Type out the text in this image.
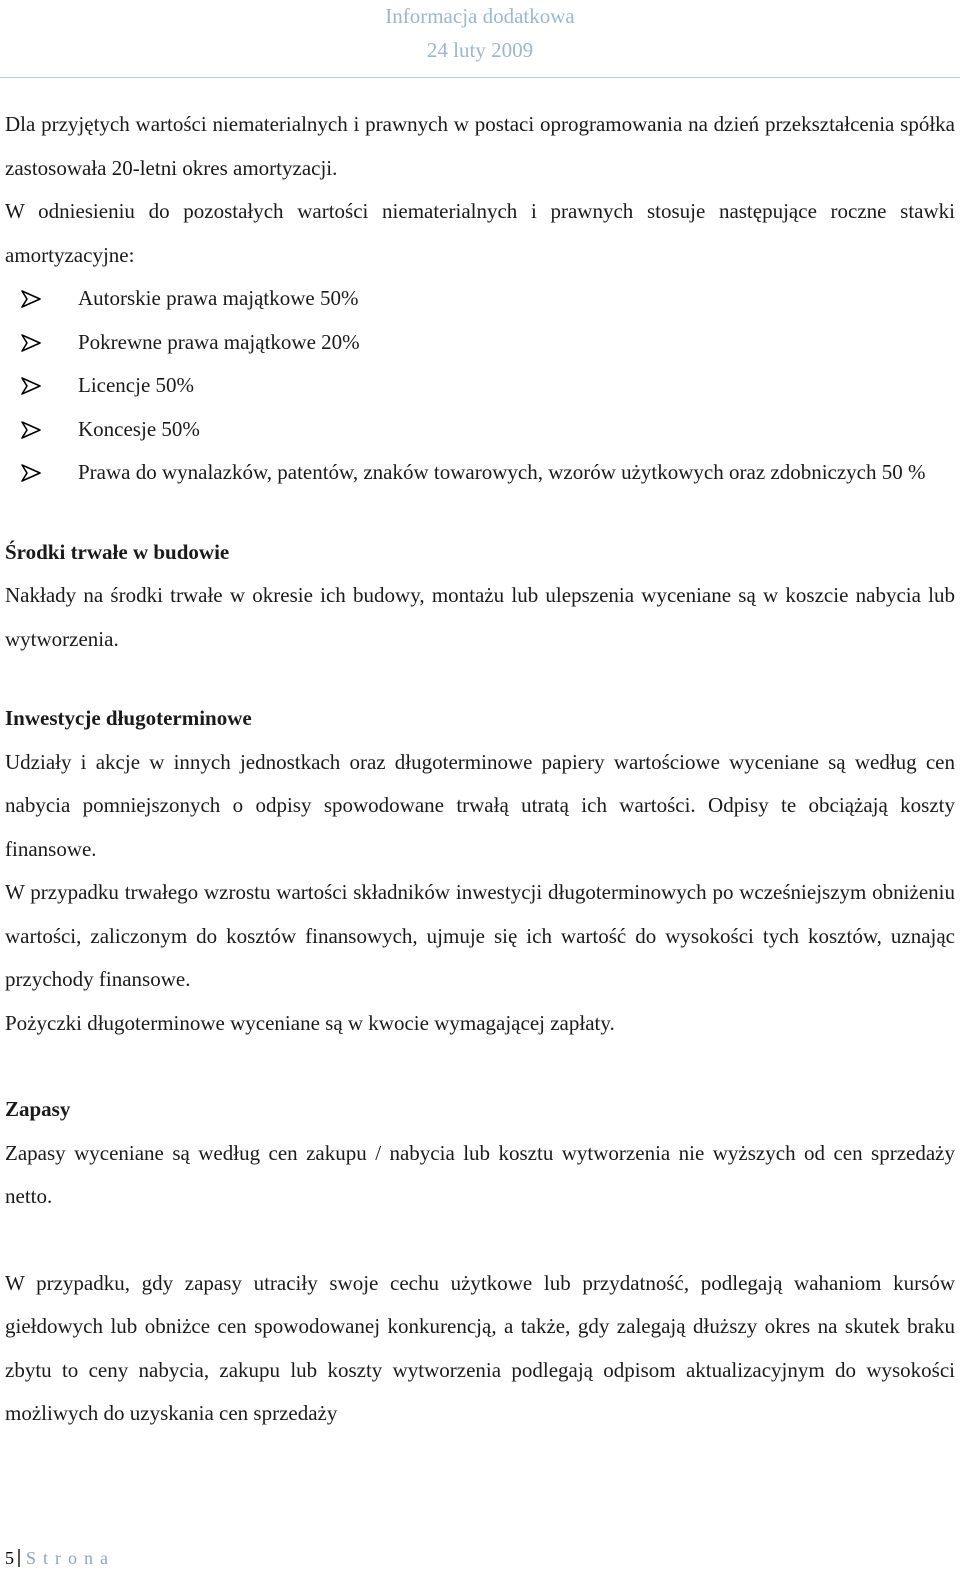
Informacja dodatkowa
24 luty 2009

Dla przyjętych wartości niematerialnych i prawnych w postaci oprogramowania na dzień przekształcenia spółka zastosowała 20-letni okres amortyzacji.

W odniesieniu do pozostałych wartości niematerialnych i prawnych stosuje następujące roczne stawki amortyzacyjne:

Autorskie prawa majątkowe 50%
Pokrewne prawa majątkowe 20%
Licencje 50%
Koncesje 50%
Prawa do wynalazków, patentów, znaków towarowych, wzorów użytkowych oraz zdobniczych 50 %
Środki trwałe w budowie

Nakłady na środki trwałe w okresie ich budowy, montażu lub ulepszenia wyceniane są w koszcie nabycia lub wytworzenia.

Inwestycje długoterminowe

Udziały i akcje w innych jednostkach oraz długoterminowe papiery wartościowe wyceniane są według cen nabycia pomniejszonych o odpisy spowodowane trwałą utratą ich wartości. Odpisy te obciążają koszty finansowe.

W przypadku trwałego wzrostu wartości składników inwestycji długoterminowych po wcześniejszym obniżeniu wartości, zaliczonym do kosztów finansowych, ujmuje się ich wartość do wysokości tych kosztów, uznając przychody finansowe.

Pożyczki długoterminowe wyceniane są w kwocie wymagającej zapłaty.

Zapasy

Zapasy wyceniane są według cen zakupu / nabycia lub kosztu wytworzenia nie wyższych od cen sprzedaży netto.

W przypadku, gdy zapasy utraciły swoje cechu użytkowe lub przydatność, podlegają wahaniom kursów giełdowych lub obniżce cen spowodowanej konkurencją, a także, gdy zalegają dłuższy okres na skutek braku zbytu to ceny nabycia, zakupu lub koszty wytworzenia podlegają odpisom aktualizacyjnym do wysokości możliwych do uzyskania cen sprzedaży

5 Strona
